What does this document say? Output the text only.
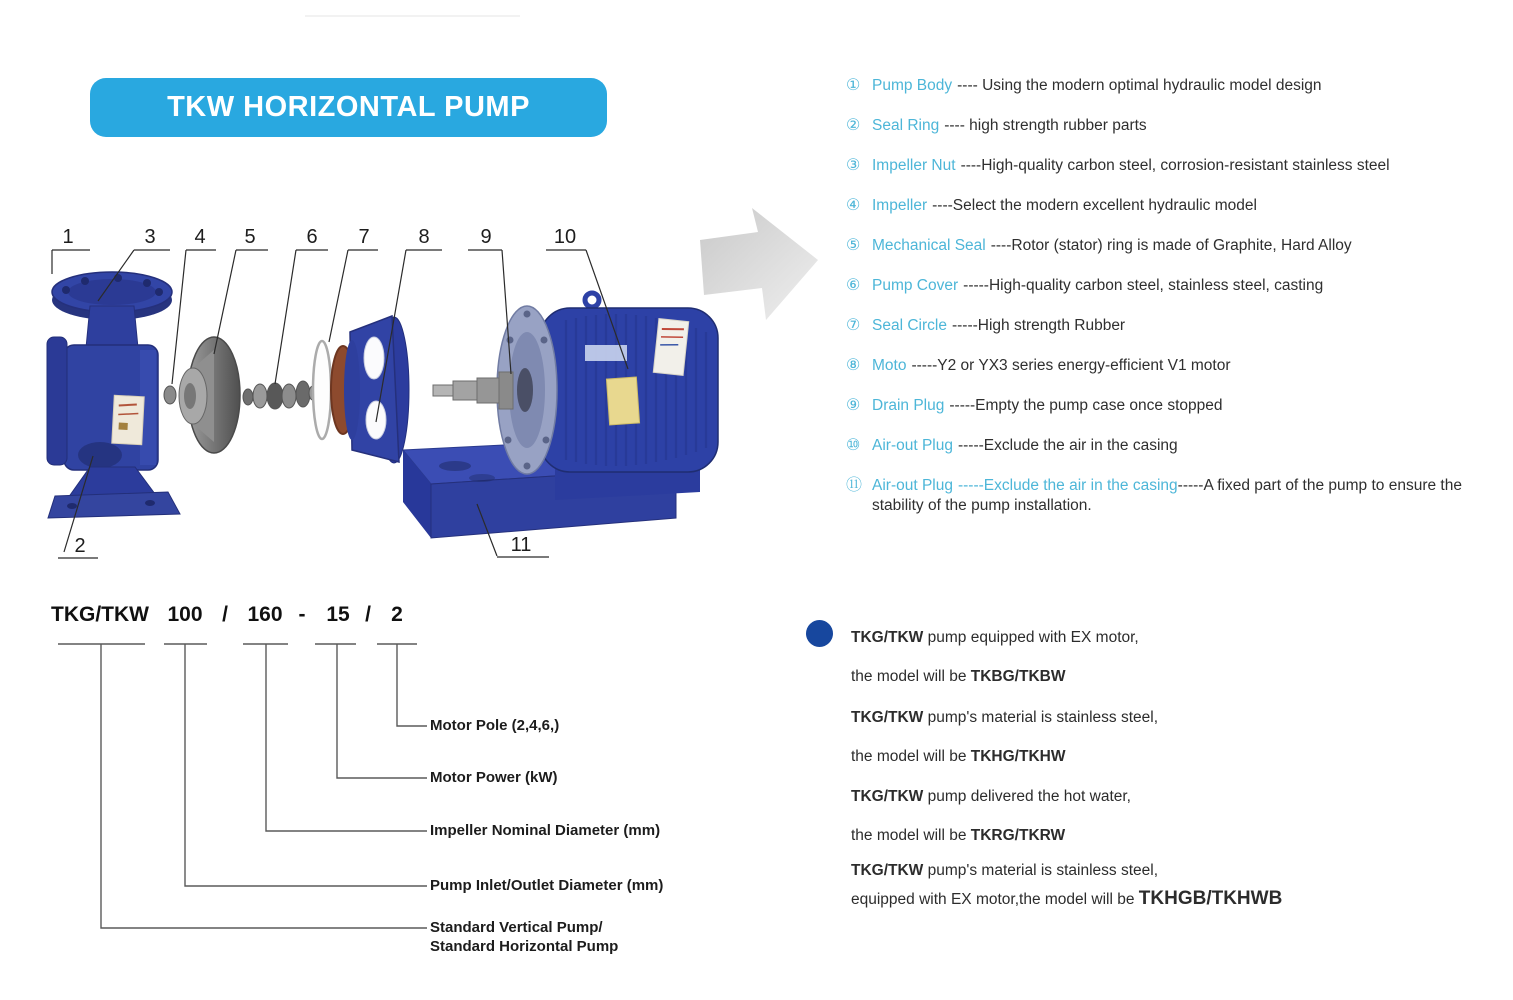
TKW HORIZONTAL PUMP
1	3 4 5	6 7 8	9	10
2	11
① Pump Body ---- Using the modern optimal hydraulic model design
② Seal Ring ---- high strength rubber parts
③ Impeller Nut ----High-quality carbon steel, corrosion-resistant stainless steel
④ Impeller ----Select the modern excellent hydraulic model
⑤ Mechanical Seal ----Rotor (stator) ring is made of Graphite, Hard Alloy
⑥ Pump Cover -----High-quality carbon steel, stainless steel, casting
⑦ Seal Circle -----High strength Rubber
⑧ Moto -----Y2 or YX3 series energy-efficient V1 motor
⑨ Drain Plug -----Empty the pump case once stopped
⑩ Air-out Plug -----Exclude the air in the casing
⑪ Air-out Plug -----Exclude the air in the casing-----A fixed part of the pump to ensure the stability of the pump installation.
TKG/TKW 100 / 160 - 15 / 2
Motor Pole (2,4,6,)
Motor Power (kW)
Impeller Nominal Diameter (mm)
Pump Inlet/Outlet Diameter (mm)
Standard Vertical Pump/
Standard Horizontal Pump
TKG/TKW pump equipped with EX motor,
the model will be TKBG/TKBW
TKG/TKW pump's material is stainless steel,
the model will be TKHG/TKHW
TKG/TKW pump delivered the hot water,
the model will be TKRG/TKRW
TKG/TKW pump's material is stainless steel,
equipped with EX motor,the model will be TKHGB/TKHWB
